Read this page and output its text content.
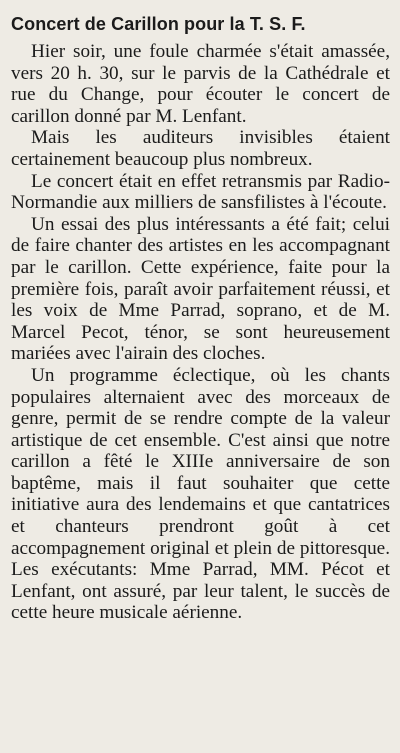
Concert de Carillon pour la T. S. F.

Hier soir, une foule charmée s'était amassée, vers 20 h. 30, sur le parvis de la Cathédrale et rue du Change, pour écouter le concert de carillon donné par M. Lenfant.

Mais les auditeurs invisibles étaient certainement beaucoup plus nombreux.

Le concert était en effet retransmis par Radio-Normandie aux milliers de sansfilistes à l'écoute.

Un essai des plus intéressants a été fait; celui de faire chanter des artistes en les accompagnant par le carillon. Cette expérience, faite pour la première fois, paraît avoir parfaitement réussi, et les voix de Mme Parrad, soprano, et de M. Marcel Pecot, ténor, se sont heureusement mariées avec l'airain des cloches.

Un programme éclectique, où les chants populaires alternaient avec des morceaux de genre, permit de se rendre compte de la valeur artistique de cet ensemble. C'est ainsi que notre carillon a fêté le XIIIe anniversaire de son baptême, mais il faut souhaiter que cette initiative aura des lendemains et que cantatrices et chanteurs prendront goût à cet accompagnement original et plein de pittoresque. Les exécutants: Mme Parrad, MM. Pécot et Lenfant, ont assuré, par leur talent, le succès de cette heure musicale aérienne.
